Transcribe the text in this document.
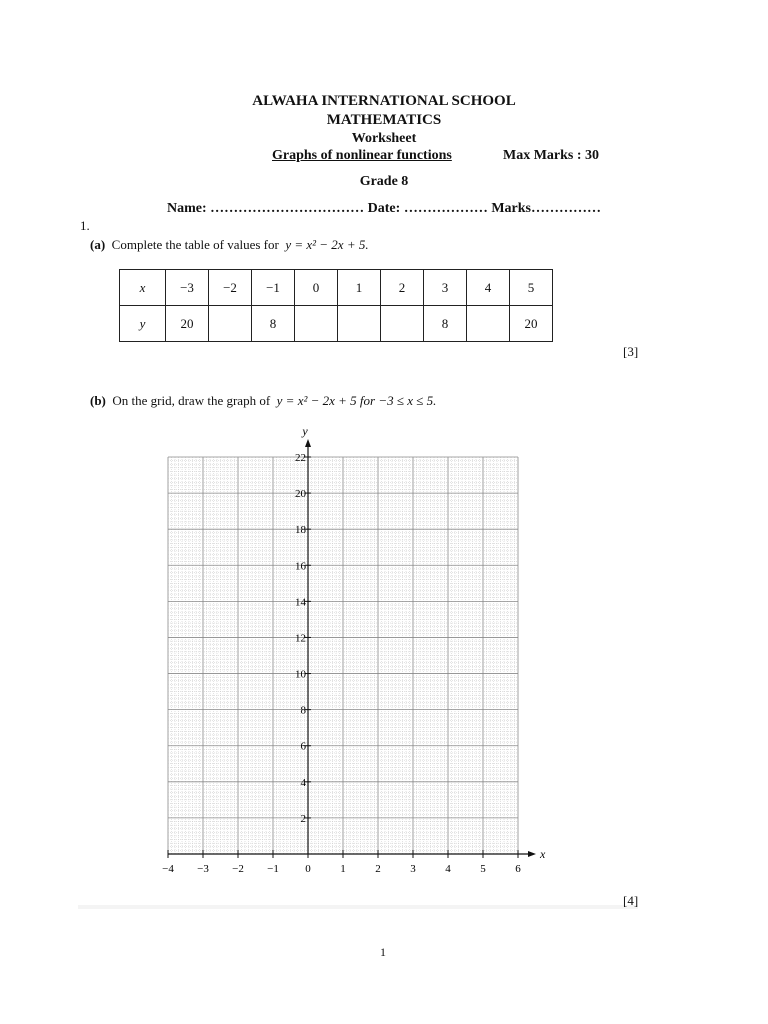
ALWAHA INTERNATIONAL SCHOOL
MATHEMATICS
Worksheet
Graphs of nonlinear functions	Max Marks : 30
Grade 8
Name: …………………………… Date: ……………… Marks……………
1.
(a) Complete the table of values for y = x² − 2x + 5.
x	−3	−2	−1	0	1	2	3	4	5
y	20		8				8		20
[3]
(b) On the grid, draw the graph of y = x² − 2x + 5 for −3 ≤ x ≤ 5.
x
y
−4 −3 −2 −1 0	1	2	3	4	5	6
2
4
6
8
10
12
14
16
18
20
22
[4]
1
